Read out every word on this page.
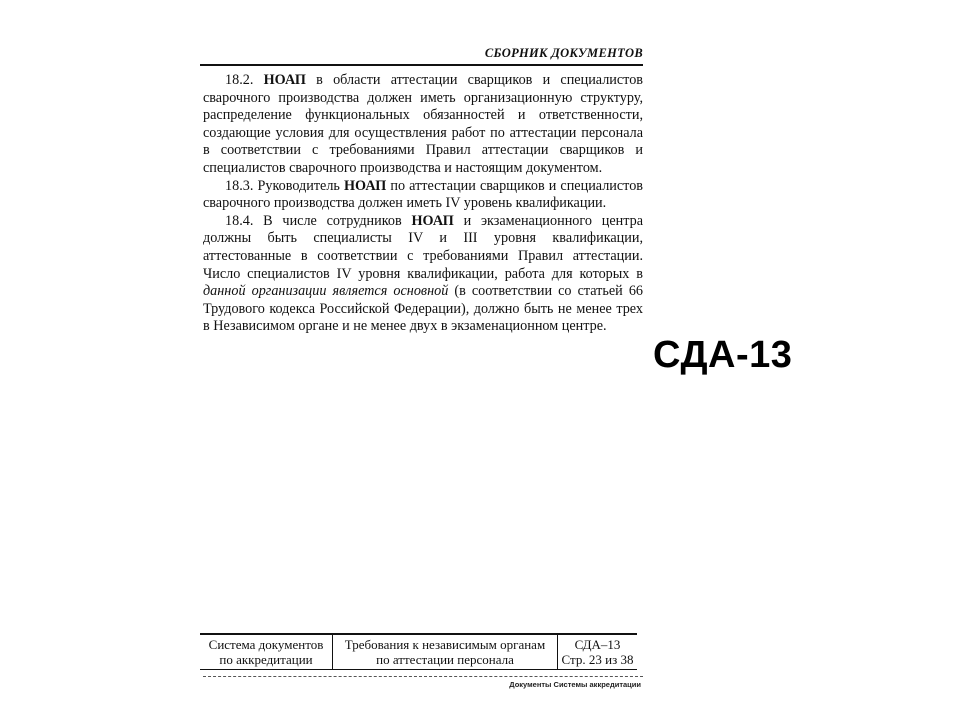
СБОРНИК ДОКУМЕНТОВ

18.2. НОАП в области аттестации сварщиков и специалистов сварочного производства должен иметь организационную структуру, распределение функциональных обязанностей и ответственности, создающие условия для осуществления работ по аттестации персонала в соответствии с требованиями Правил аттестации сварщиков и специалистов сварочного производства и настоящим документом.

18.3. Руководитель НОАП по аттестации сварщиков и специалистов сварочного производства должен иметь IV уровень квалификации.

18.4. В числе сотрудников НОАП и экзаменационного центра должны быть специалисты IV и III уровня квалификации, аттестованные в соответствии с требованиями Правил аттестации. Число специалистов IV уровня квалификации, работа для которых в данной организации является основной (в соответствии со статьей 66 Трудового кодекса Российской Федерации), должно быть не менее трех в Независимом органе и не менее двух в экзаменационном центре.

СДА-13
Система документов
по аккредитации
Требования к независимым органам
по аттестации персонала
СДА–13
Стр. 23 из 38
Документы Системы аккредитации
